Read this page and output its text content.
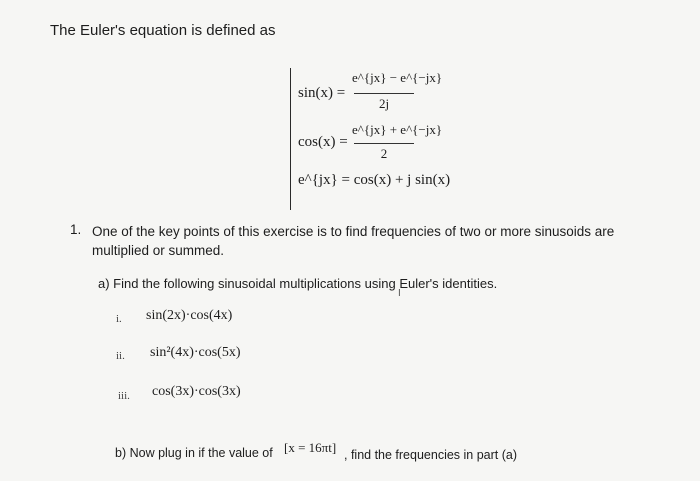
The Euler's equation is defined as
sin(x) =
e^{jx} − e^{−jx}
2j
cos(x) =
e^{jx} + e^{−jx}
2
e^{jx} = cos(x) + j sin(x)
1. One of the key points of this exercise is to find frequencies of two or more sinusoids are multiplied or summed.
a) Find the following sinusoidal multiplications using Euler's identities.
I
i. sin(2x)·cos(4x)
ii. sin²(4x)·cos(5x)
iii. cos(3x)·cos(3x)
b) Now plug in if the value of [x = 16πt] , find the frequencies in part (a)
